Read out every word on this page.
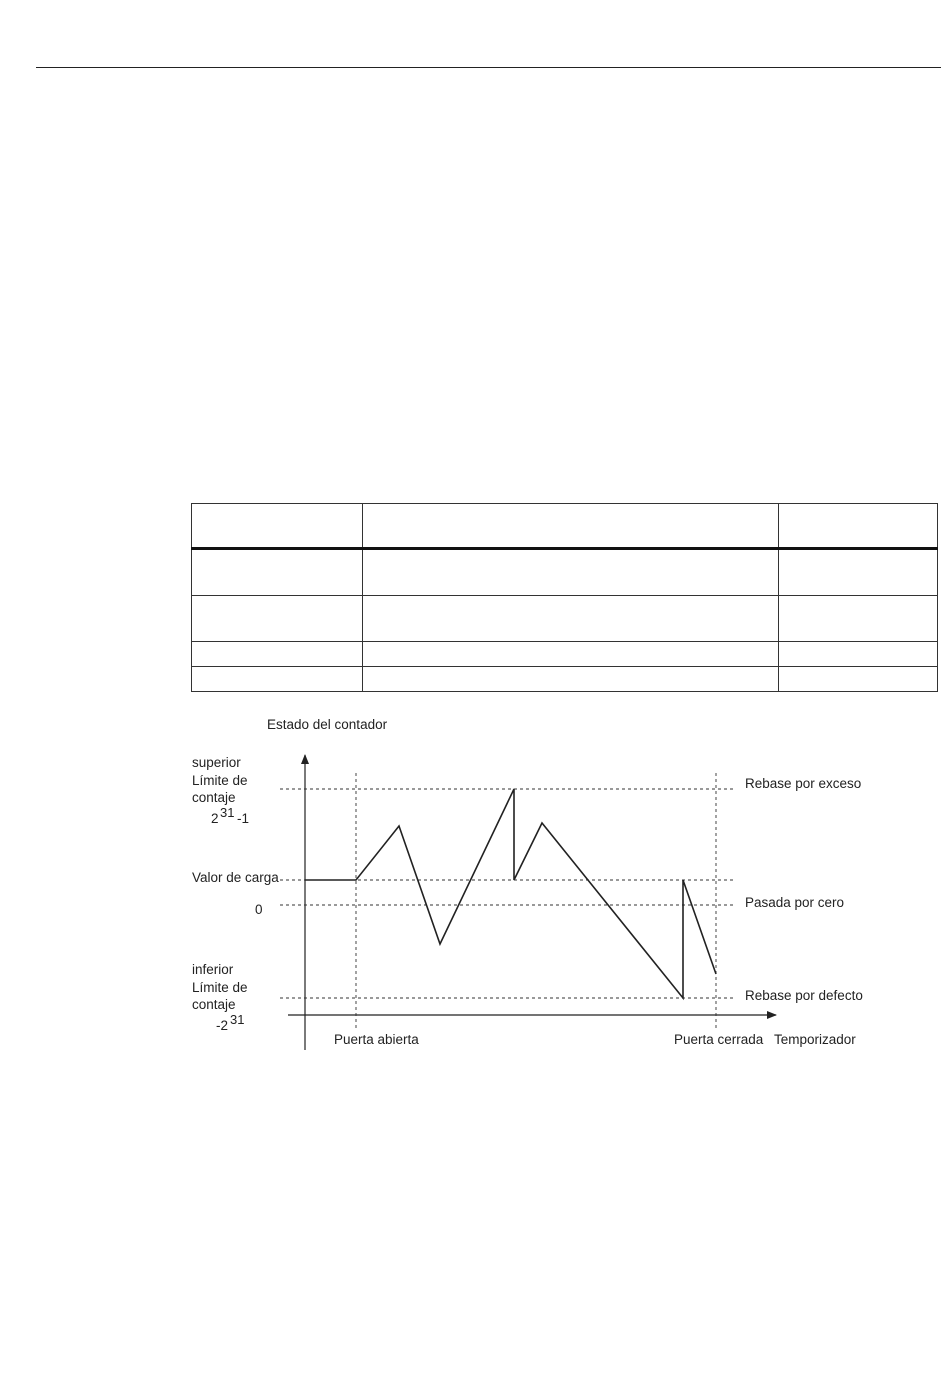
Estado del contador
superior
Límite de
contaje
2 31 -1
Valor de carga
0
inferior
Límite de
contaje
-2 31
Rebase por exceso
Pasada por cero
Rebase por defecto
Puerta abierta	Puerta cerrada Temporizador
